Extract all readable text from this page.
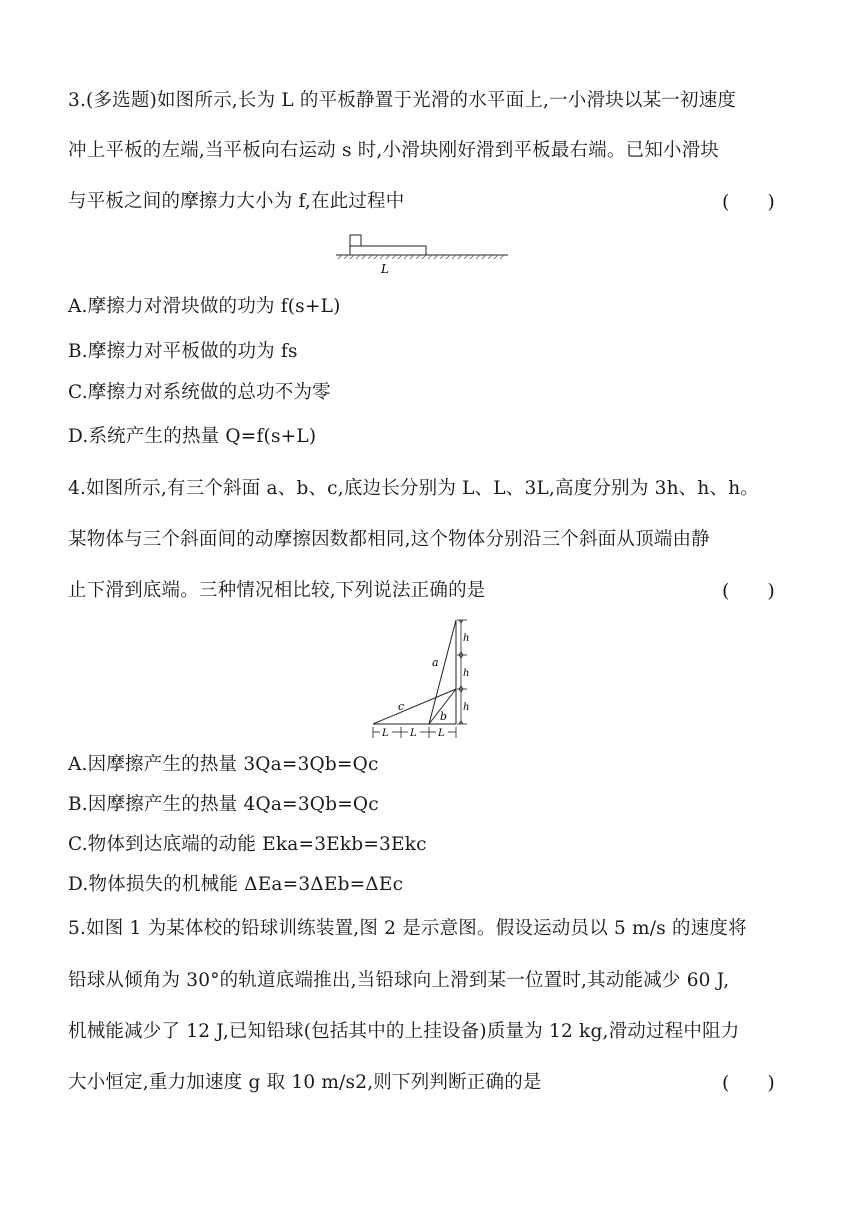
3.(多选题)如图所示,长为 L 的平板静置于光滑的水平面上,一小滑块以某一初速度
冲上平板的左端,当平板向右运动 s 时,小滑块刚好滑到平板最右端。已知小滑块
与平板之间的摩擦力大小为 f,在此过程中	(  )
L
A.摩擦力对滑块做的功为 f(s+L)
B.摩擦力对平板做的功为 fs
C.摩擦力对系统做的总功不为零
D.系统产生的热量 Q=f(s+L)
4.如图所示,有三个斜面 a、b、c,底边长分别为 L、L、3L,高度分别为 3h、h、h。
某物体与三个斜面间的动摩擦因数都相同,这个物体分别沿三个斜面从顶端由静
止下滑到底端。三种情况相比较,下列说法正确的是	(  )
h
h
h
a
b
c
L L L
A.因摩擦产生的热量 3Qa=3Qb=Qc
B.因摩擦产生的热量 4Qa=3Qb=Qc
C.物体到达底端的动能 Eka=3Ekb=3Ekc
D.物体损失的机械能 ΔEa=3ΔEb=ΔEc
5.如图 1 为某体校的铅球训练装置,图 2 是示意图。假设运动员以 5 m/s 的速度将
铅球从倾角为 30°的轨道底端推出,当铅球向上滑到某一位置时,其动能减少 60 J,
机械能减少了 12 J,已知铅球(包括其中的上挂设备)质量为 12 kg,滑动过程中阻力
大小恒定,重力加速度 g 取 10 m/s2,则下列判断正确的是	(  )
